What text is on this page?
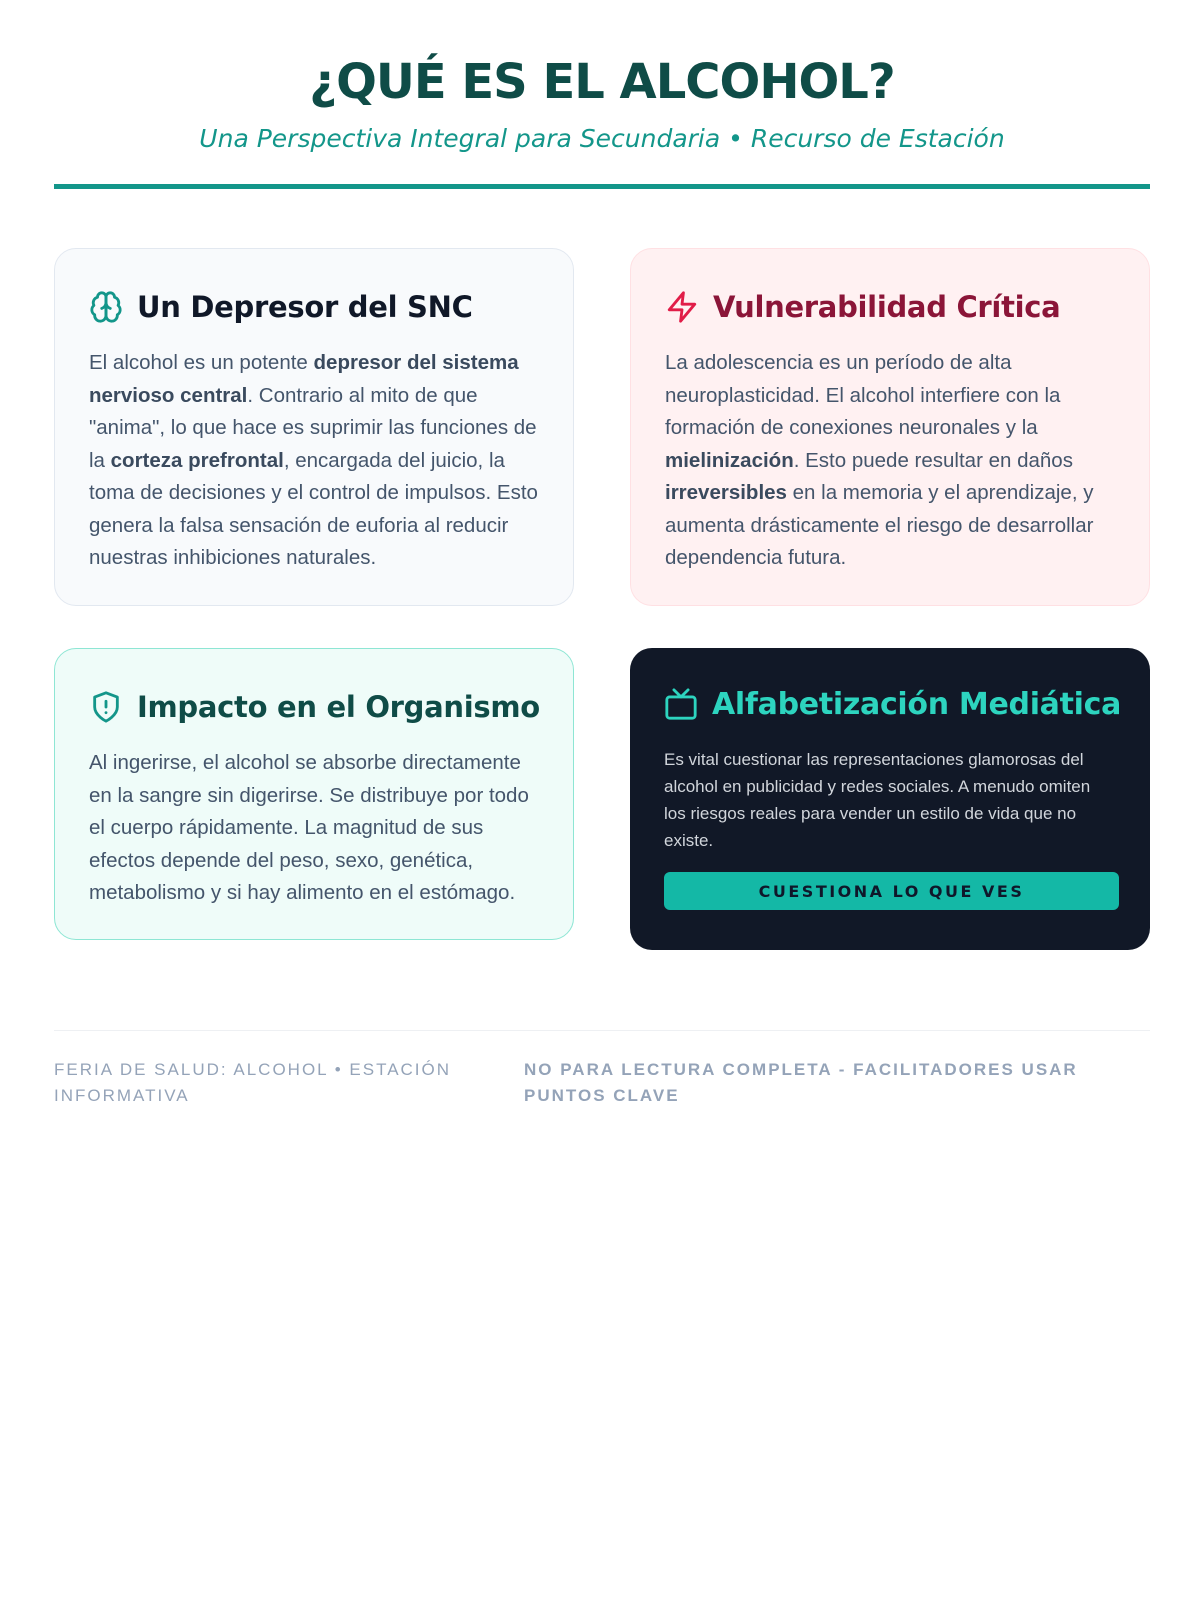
¿QUÉ ES EL ALCOHOL?

Una Perspectiva Integral para Secundaria • Recurso de Estación

Un Depresor del SNC

El alcohol es un potente depresor del sistema nervioso central. Contrario al mito de que "anima", lo que hace es suprimir las funciones de la corteza prefrontal, encargada del juicio, la toma de decisiones y el control de impulsos. Esto genera la falsa sensación de euforia al reducir nuestras inhibiciones naturales.

Vulnerabilidad Crítica

La adolescencia es un período de alta neuroplasticidad. El alcohol interfiere con la formación de conexiones neuronales y la mielinización. Esto puede resultar en daños irreversibles en la memoria y el aprendizaje, y aumenta drásticamente el riesgo de desarrollar dependencia futura.

Impacto en el Organismo

Al ingerirse, el alcohol se absorbe directamente en la sangre sin digerirse. Se distribuye por todo el cuerpo rápidamente. La magnitud de sus efectos depende del peso, sexo, genética, metabolismo y si hay alimento en el estómago.

Alfabetización Mediática

Es vital cuestionar las representaciones glamorosas del alcohol en publicidad y redes sociales. A menudo omiten los riesgos reales para vender un estilo de vida que no existe.

CUESTIONA LO QUE VES
FERIA DE SALUD: ALCOHOL • ESTACIÓN INFORMATIVA
NO PARA LECTURA COMPLETA - FACILITADORES USAR PUNTOS CLAVE
